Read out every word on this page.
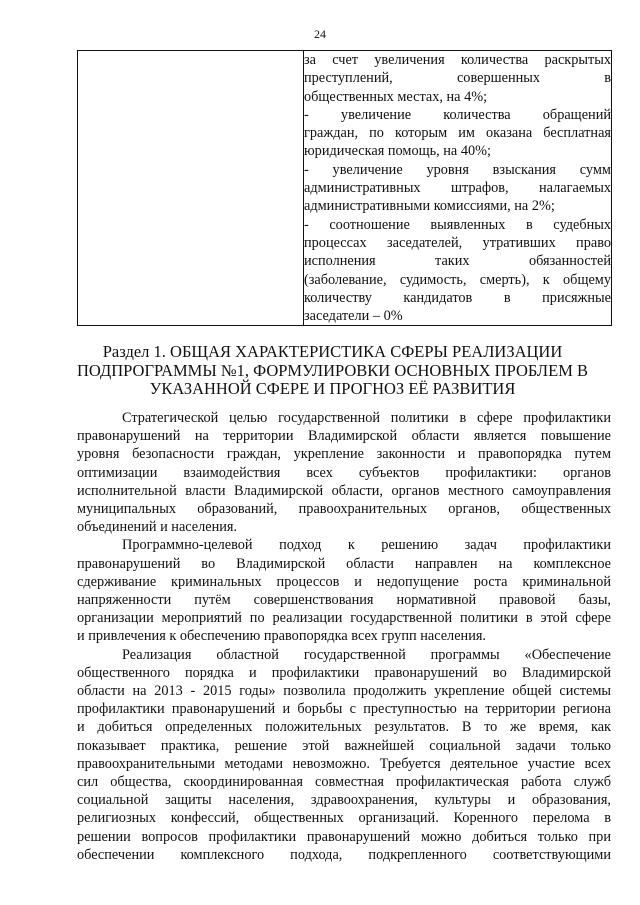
24

за счет увеличения количества раскрытых
преступлений, совершенных в
общественных местах, на 4%;
- увеличение количества обращений
граждан, по которым им оказана бесплатная
юридическая помощь, на 40%;
- увеличение уровня взыскания сумм
административных штрафов, налагаемых
административными комиссиями, на 2%;
- соотношение выявленных в судебных
процессах заседателей, утративших право
исполнения таких обязанностей
(заболевание, судимость, смерть), к общему
количеству кандидатов в присяжные
заседатели – 0%
Раздел 1. ОБЩАЯ ХАРАКТЕРИСТИКА СФЕРЫ РЕАЛИЗАЦИИ
ПОДПРОГРАММЫ №1, ФОРМУЛИРОВКИ ОСНОВНЫХ ПРОБЛЕМ В
УКАЗАННОЙ СФЕРЕ И ПРОГНОЗ ЕЁ РАЗВИТИЯ
Стратегической целью государственной политики в сфере профилактики
правонарушений на территории Владимирской области является повышение
уровня безопасности граждан, укрепление законности и правопорядка путем
оптимизации взаимодействия всех субъектов профилактики: органов
исполнительной власти Владимирской области, органов местного самоуправления
муниципальных образований, правоохранительных органов, общественных
объединений и населения.
Программно-целевой подход к решению задач профилактики
правонарушений во Владимирской области направлен на комплексное
сдерживание криминальных процессов и недопущение роста криминальной
напряженности путём совершенствования нормативной правовой базы,
организации мероприятий по реализации государственной политики в этой сфере
и привлечения к обеспечению правопорядка всех групп населения.
Реализация областной государственной программы «Обеспечение
общественного порядка и профилактики правонарушений во Владимирской
области на 2013 - 2015 годы» позволила продолжить укрепление общей системы
профилактики правонарушений и борьбы с преступностью на территории региона
и добиться определенных положительных результатов. В то же время, как
показывает практика, решение этой важнейшей социальной задачи только
правоохранительными методами невозможно. Требуется деятельное участие всех
сил общества, скоординированная совместная профилактическая работа служб
социальной защиты населения, здравоохранения, культуры и образования,
религиозных конфессий, общественных организаций. Коренного перелома в
решении вопросов профилактики правонарушений можно добиться только при
обеспечении комплексного подхода, подкрепленного соответствующими
